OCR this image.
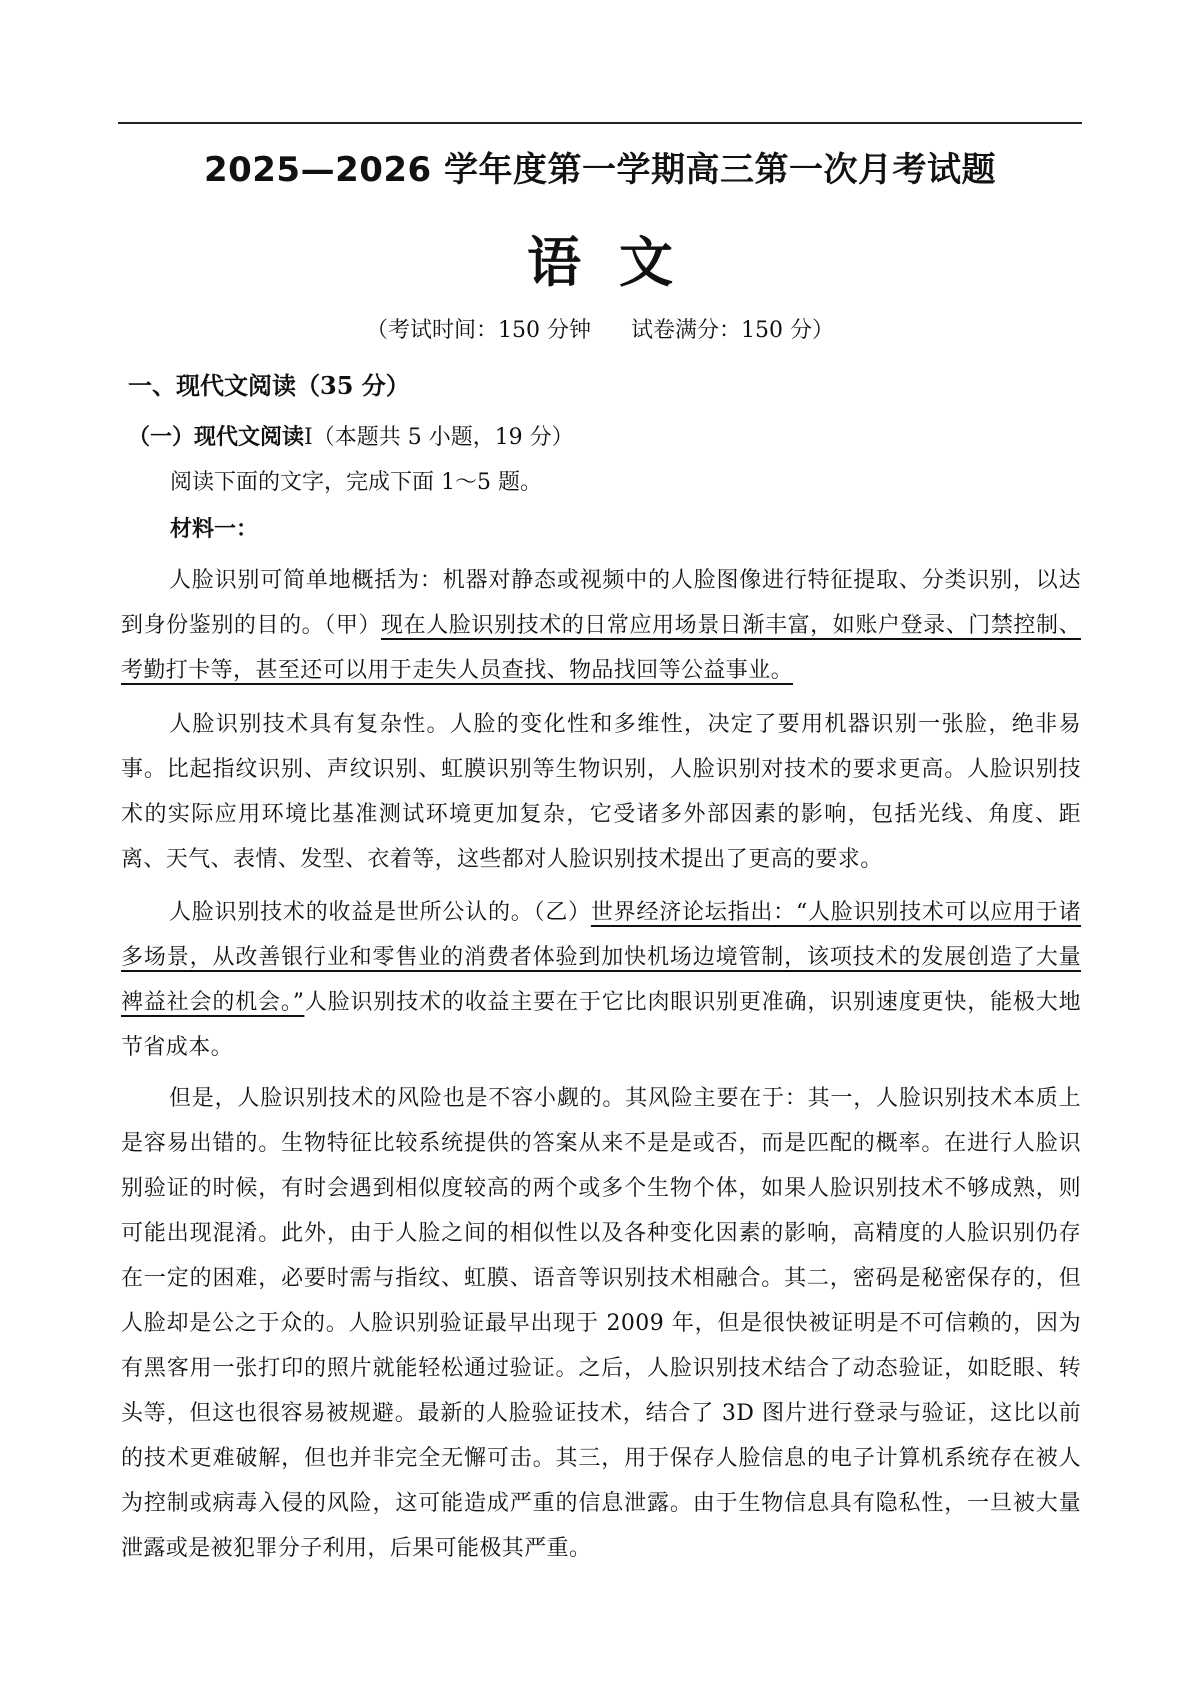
2025—2026 学年度第一学期高三第一次月考试题
语文
（考试时间：150 分钟 试卷满分：150 分）
一、现代文阅读（35 分）
（一）现代文阅读Ⅰ（本题共 5 小题，19 分）
阅读下面的文字，完成下面 1～5 题。
材料一：

人脸识别可简单地概括为：机器对静态或视频中的人脸图像进行特征提取、分类识别，以达到身份鉴别的目的。（甲）现在人脸识别技术的日常应用场景日渐丰富，如账户登录、门禁控制、考勤打卡等，甚至还可以用于走失人员查找、物品找回等公益事业。

人脸识别技术具有复杂性。人脸的变化性和多维性，决定了要用机器识别一张脸，绝非易事。比起指纹识别、声纹识别、虹膜识别等生物识别，人脸识别对技术的要求更高。人脸识别技术的实际应用环境比基准测试环境更加复杂，它受诸多外部因素的影响，包括光线、角度、距离、天气、表情、发型、衣着等，这些都对人脸识别技术提出了更高的要求。

人脸识别技术的收益是世所公认的。（乙）世界经济论坛指出：“人脸识别技术可以应用于诸多场景，从改善银行业和零售业的消费者体验到加快机场边境管制，该项技术的发展创造了大量裨益社会的机会。”人脸识别技术的收益主要在于它比肉眼识别更准确，识别速度更快，能极大地节省成本。

但是，人脸识别技术的风险也是不容小觑的。其风险主要在于：其一，人脸识别技术本质上是容易出错的。生物特征比较系统提供的答案从来不是是或否，而是匹配的概率。在进行人脸识别验证的时候，有时会遇到相似度较高的两个或多个生物个体，如果人脸识别技术不够成熟，则可能出现混淆。此外，由于人脸之间的相似性以及各种变化因素的影响，高精度的人脸识别仍存在一定的困难，必要时需与指纹、虹膜、语音等识别技术相融合。其二，密码是秘密保存的，但人脸却是公之于众的。人脸识别验证最早出现于 2009 年，但是很快被证明是不可信赖的，因为有黑客用一张打印的照片就能轻松通过验证。之后，人脸识别技术结合了动态验证，如眨眼、转头等，但这也很容易被规避。最新的人脸验证技术，结合了 3D 图片进行登录与验证，这比以前的技术更难破解，但也并非完全无懈可击。其三，用于保存人脸信息的电子计算机系统存在被人为控制或病毒入侵的风险，这可能造成严重的信息泄露。由于生物信息具有隐私性，一旦被大量泄露或是被犯罪分子利用，后果可能极其严重。
